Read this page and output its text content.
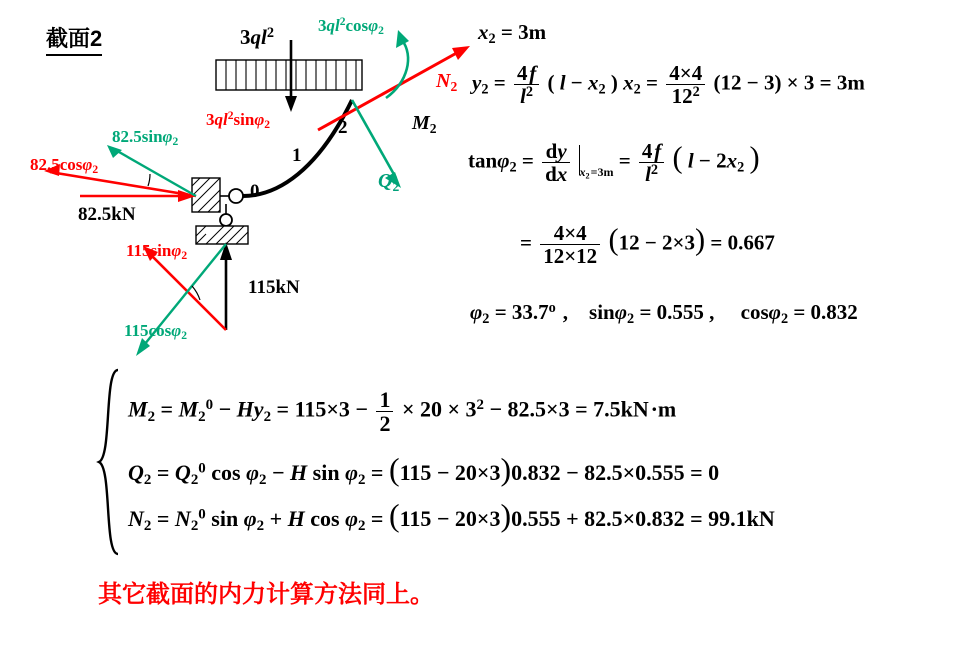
截面2	$3ql^2$	$3ql^2\cos\varphi_2$
$3ql^2\sin\varphi_2$
$N_2$
$M_2$
$Q_2$
2
1
0
82.5sinφ$_2$
82.5cosφ$_2$
82.5kN
115sinφ$_2$
115kN
115cosφ$_2$
$x_2 = 3m$
$y_2 = \frac{4 f}{l^2}$ ( $l - x_2$ ) $x_2 = \frac{4\times 4}{12^2} (12 - 3) \times 3 = 3m$
$\tan\varphi_2 = \frac{dy}{dx} _{x_2 =3m} = \frac{4 f}{l^2}$ ( $l - 2x_2$ )
= $\frac{4\times 4}{12\times 12} (12 - 2\times 3) = 0.667$
$\varphi_2 = 33.7^o$  ,    sinφ$_2$ = 0.555 ,     cosφ$_2$ = 0.832
$M_2 = M_2^0 - Hy_2 = 115\times 3 - \frac{1}{2} \times 20 \times 3^2 - 82.5\times 3 = 7.5kN$ ·m
$Q_2 = Q_2^0$ $\cos \varphi_2 - H$ $\sin \varphi_2 = (115 - 20\times 3)0.832 - 82.5\times 0.555 = 0$
$N_2 = N_2^0$ $\sin \varphi_2 + H$ $\cos \varphi_2 = (115 - 20\times 3)0.555 + 82.5\times 0.832 = 99.1kN$
其它截面的内力计算方法同上。
